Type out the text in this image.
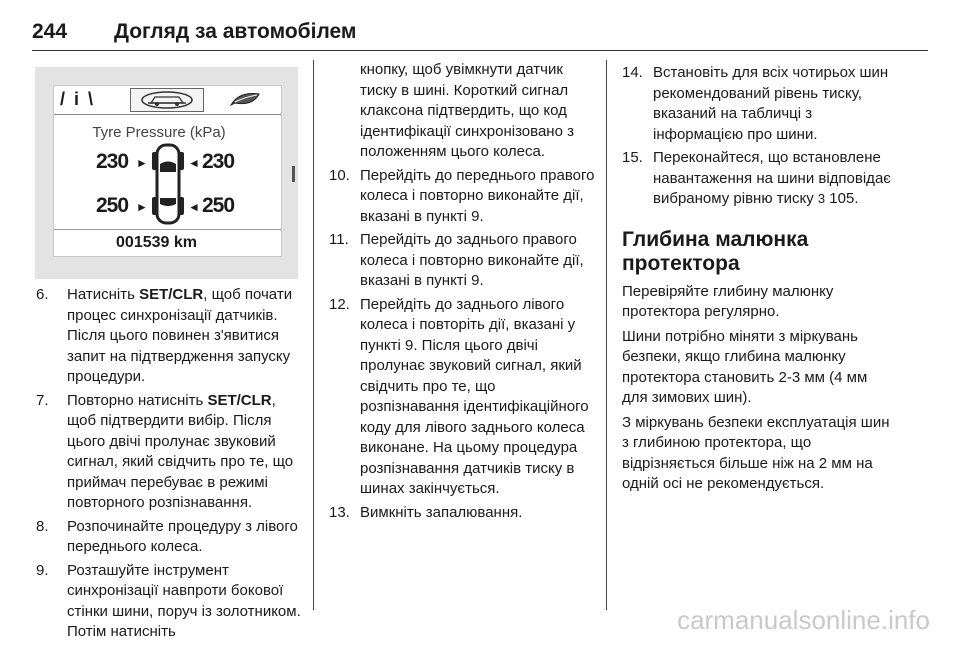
244 Догляд за автомобілем
/ i \
Tyre Pressure (kPa)
230 ►	◄ 230
250 ►	◄ 250
001539 km
6. Натисніть SET/CLR, щоб почати процес синхронізації датчиків. Після цього повинен з'явитися запит на підтвердження запуску процедури.
7. Повторно натисніть SET/CLR, щоб підтвердити вибір. Після цього двічі пролунає звуковий сигнал, який свідчить про те, що приймач перебуває в режимі повторного розпізнавання.
8. Розпочинайте процедуру з лівого переднього колеса.
9. Розташуйте інструмент синхронізації навпроти бокової стінки шини, поруч із золотником. Потім натисніть
кнопку, щоб увімкнути датчик тиску в шині. Короткий сигнал клаксона підтвердить, що код ідентифікації синхронізовано з положенням цього колеса.
10. Перейдіть до переднього правого колеса і повторно виконайте дії, вказані в пункті 9.
11. Перейдіть до заднього правого колеса і повторно виконайте дії, вказані в пункті 9.
12. Перейдіть до заднього лівого колеса і повторіть дії, вказані у пункті 9. Після цього двічі пролунає звуковий сигнал, який свідчить про те, що розпізнавання ідентифікаційного коду для лівого заднього колеса виконане. На цьому процедура розпізнавання датчиків тиску в шинах закінчується.
13. Вимкніть запалювання.
14. Встановіть для всіх чотирьох шин рекомендований рівень тиску, вказаний на табличці з інформацією про шини.
15. Переконайтеся, що встановлене навантаження на шини відповідає вибраному рівню тиску 3 105.
Глибина малюнка протектора

Перевіряйте глибину малюнку протектора регулярно.

Шини потрібно міняти з міркувань безпеки, якщо глибина малюнку протектора становить 2-3 мм (4 мм для зимових шин).

З міркувань безпеки експлуатація шин з глибиною протектора, що відрізняється більше ніж на 2 мм на одній осі не рекомендується.

carmanualsonline.info
